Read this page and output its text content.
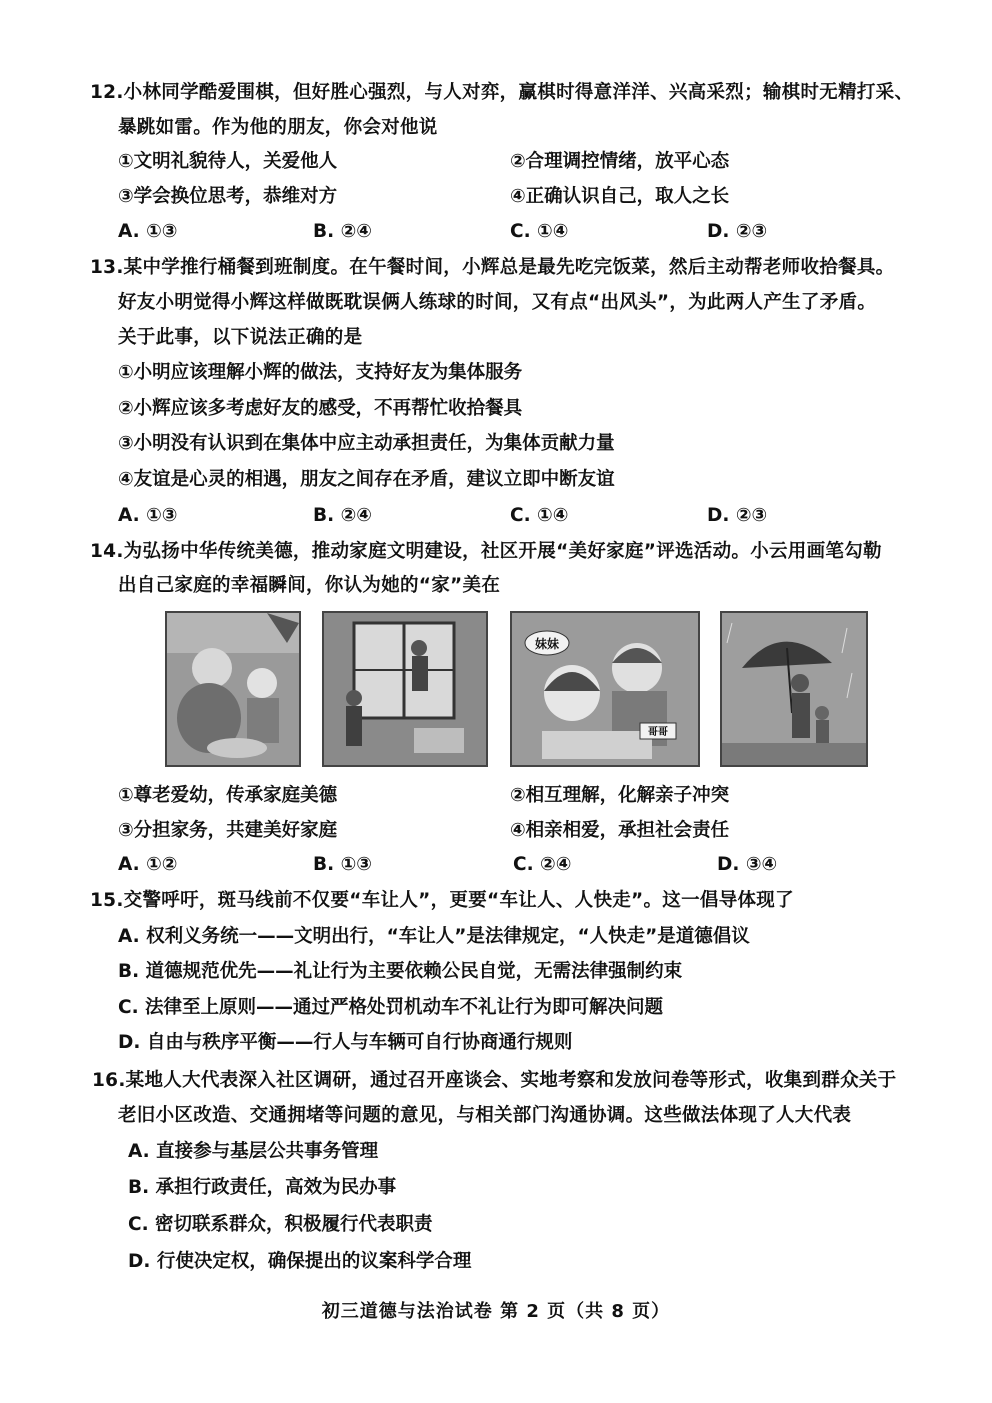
12.小林同学酷爱围棋，但好胜心强烈，与人对弈，赢棋时得意洋洋、兴高采烈；输棋时无精打采、
暴跳如雷。作为他的朋友，你会对他说
①文明礼貌待人，关爱他人	②合理调控情绪，放平心态
③学会换位思考，恭维对方	④正确认识自己，取人之长
A. ①③	B. ②④	C. ①④	D. ②③
13.某中学推行桶餐到班制度。在午餐时间，小辉总是最先吃完饭菜，然后主动帮老师收拾餐具。
好友小明觉得小辉这样做既耽误俩人练球的时间，又有点“出风头”，为此两人产生了矛盾。
关于此事，以下说法正确的是
①小明应该理解小辉的做法，支持好友为集体服务
②小辉应该多考虑好友的感受，不再帮忙收拾餐具
③小明没有认识到在集体中应主动承担责任，为集体贡献力量
④友谊是心灵的相遇，朋友之间存在矛盾，建议立即中断友谊
A. ①③	B. ②④	C. ①④	D. ②③
14.为弘扬中华传统美德，推动家庭文明建设，社区开展“美好家庭”评选活动。小云用画笔勾勒
出自己家庭的幸福瞬间，你认为她的“家”美在
妹妹
哥哥
①尊老爱幼，传承家庭美德	②相互理解，化解亲子冲突
③分担家务，共建美好家庭	④相亲相爱，承担社会责任
A. ①②	B. ①③	C. ②④	D. ③④
15.交警呼吁，斑马线前不仅要“车让人”，更要“车让人、人快走”。这一倡导体现了
A. 权利义务统一——文明出行，“车让人”是法律规定，“人快走”是道德倡议
B. 道德规范优先——礼让行为主要依赖公民自觉，无需法律强制约束
C. 法律至上原则——通过严格处罚机动车不礼让行为即可解决问题
D. 自由与秩序平衡——行人与车辆可自行协商通行规则
16.某地人大代表深入社区调研，通过召开座谈会、实地考察和发放问卷等形式，收集到群众关于
老旧小区改造、交通拥堵等问题的意见，与相关部门沟通协调。这些做法体现了人大代表
A. 直接参与基层公共事务管理
B. 承担行政责任，高效为民办事
C. 密切联系群众，积极履行代表职责
D. 行使决定权，确保提出的议案科学合理
初三道德与法治试卷 第 2 页（共 8 页）
